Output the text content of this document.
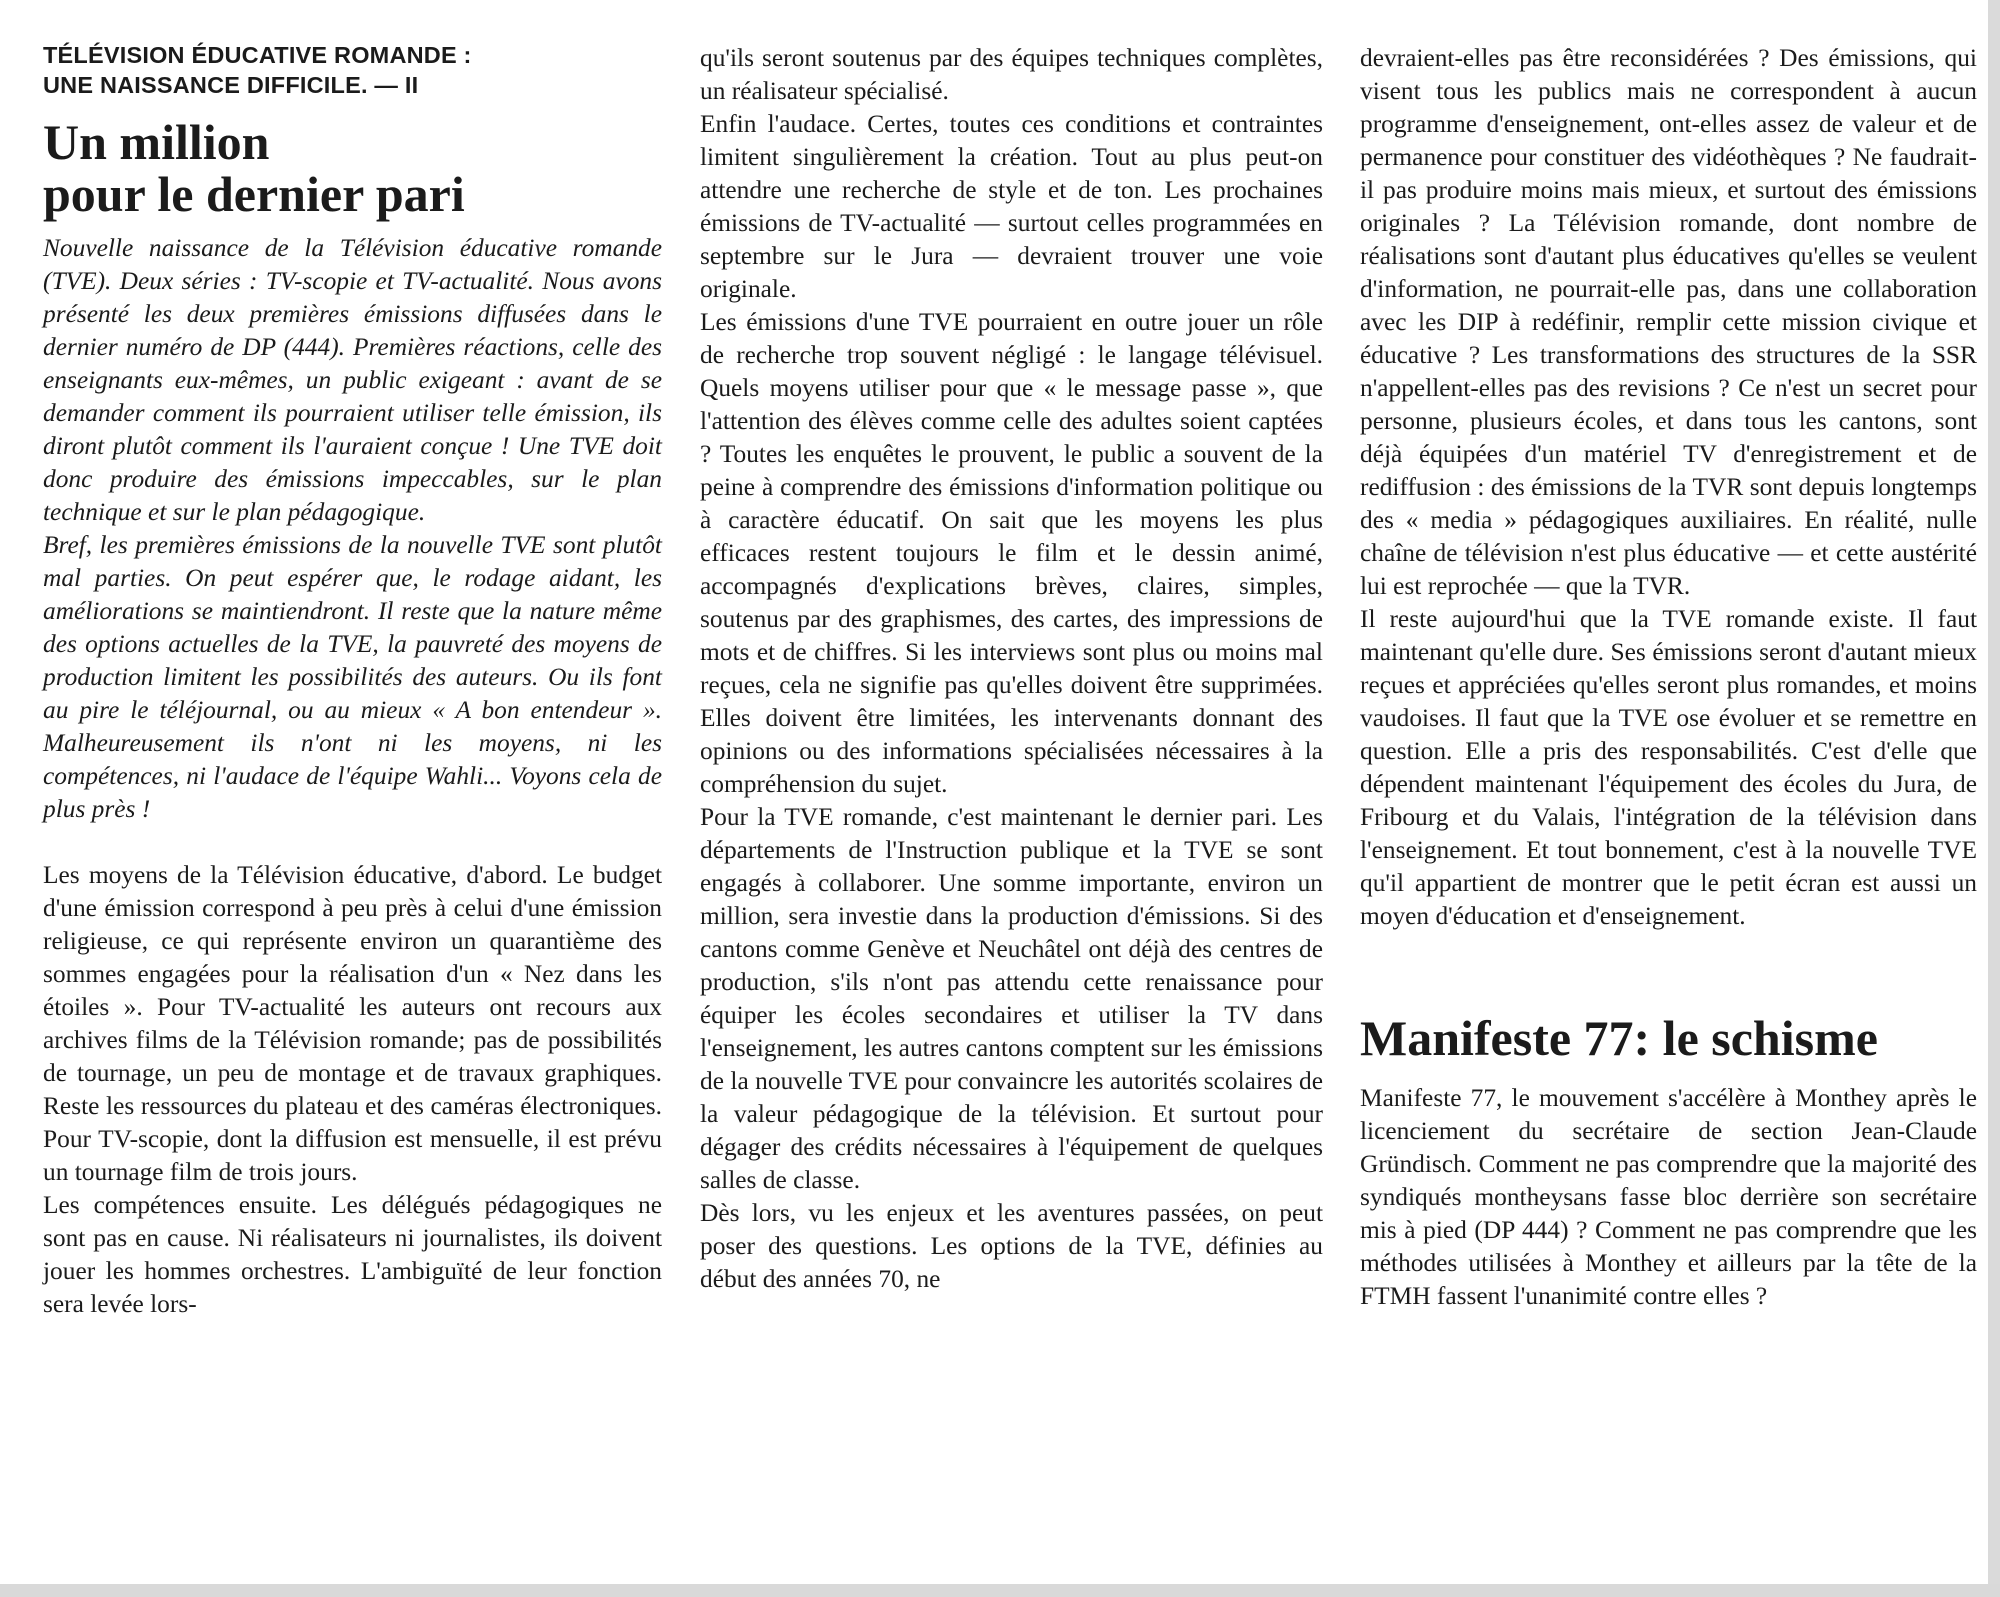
TÉLÉVISION ÉDUCATIVE ROMANDE :
UNE NAISSANCE DIFFICILE. — II
Un million
pour le dernier pari

Nouvelle naissance de la Télévision éducative romande (TVE). Deux séries : TV-scopie et TV-actualité. Nous avons présenté les deux premières émissions diffusées dans le dernier numéro de DP (444). Premières réactions, celle des enseignants eux-mêmes, un public exigeant : avant de se demander comment ils pourraient utiliser telle émission, ils diront plutôt comment ils l'auraient conçue ! Une TVE doit donc produire des émissions impeccables, sur le plan technique et sur le plan pédagogique.

Bref, les premières émissions de la nouvelle TVE sont plutôt mal parties. On peut espérer que, le rodage aidant, les améliorations se maintiendront. Il reste que la nature même des options actuelles de la TVE, la pauvreté des moyens de production limitent les possibilités des auteurs. Ou ils font au pire le téléjournal, ou au mieux « A bon entendeur ». Malheureusement ils n'ont ni les moyens, ni les compétences, ni l'audace de l'équipe Wahli... Voyons cela de plus près !

Les moyens de la Télévision éducative, d'abord. Le budget d'une émission correspond à peu près à celui d'une émission religieuse, ce qui représente environ un quarantième des sommes engagées pour la réalisation d'un « Nez dans les étoiles ». Pour TV-actualité les auteurs ont recours aux archives films de la Télévision romande; pas de possibilités de tournage, un peu de montage et de travaux graphiques. Reste les ressources du plateau et des caméras électroniques. Pour TV-scopie, dont la diffusion est mensuelle, il est prévu un tournage film de trois jours.

Les compétences ensuite. Les délégués pédagogiques ne sont pas en cause. Ni réalisateurs ni journalistes, ils doivent jouer les hommes orchestres. L'ambiguïté de leur fonction sera levée lors-

qu'ils seront soutenus par des équipes techniques complètes, un réalisateur spécialisé.

Enfin l'audace. Certes, toutes ces conditions et contraintes limitent singulièrement la création. Tout au plus peut-on attendre une recherche de style et de ton. Les prochaines émissions de TV-actualité — surtout celles programmées en septembre sur le Jura — devraient trouver une voie originale.

Les émissions d'une TVE pourraient en outre jouer un rôle de recherche trop souvent négligé : le langage télévisuel. Quels moyens utiliser pour que « le message passe », que l'attention des élèves comme celle des adultes soient captées ? Toutes les enquêtes le prouvent, le public a souvent de la peine à comprendre des émissions d'information politique ou à caractère éducatif. On sait que les moyens les plus efficaces restent toujours le film et le dessin animé, accompagnés d'explications brèves, claires, simples, soutenus par des graphismes, des cartes, des impressions de mots et de chiffres. Si les interviews sont plus ou moins mal reçues, cela ne signifie pas qu'elles doivent être supprimées. Elles doivent être limitées, les intervenants donnant des opinions ou des informations spécialisées nécessaires à la compréhension du sujet.

Pour la TVE romande, c'est maintenant le dernier pari. Les départements de l'Instruction publique et la TVE se sont engagés à collaborer. Une somme importante, environ un million, sera investie dans la production d'émissions. Si des cantons comme Genève et Neuchâtel ont déjà des centres de production, s'ils n'ont pas attendu cette renaissance pour équiper les écoles secondaires et utiliser la TV dans l'enseignement, les autres cantons comptent sur les émissions de la nouvelle TVE pour convaincre les autorités scolaires de la valeur pédagogique de la télévision. Et surtout pour dégager des crédits nécessaires à l'équipement de quelques salles de classe.

Dès lors, vu les enjeux et les aventures passées, on peut poser des questions. Les options de la TVE, définies au début des années 70, ne

devraient-elles pas être reconsidérées ? Des émissions, qui visent tous les publics mais ne correspondent à aucun programme d'enseignement, ont-elles assez de valeur et de permanence pour constituer des vidéothèques ? Ne faudrait-il pas produire moins mais mieux, et surtout des émissions originales ? La Télévision romande, dont nombre de réalisations sont d'autant plus éducatives qu'elles se veulent d'information, ne pourrait-elle pas, dans une collaboration avec les DIP à redéfinir, remplir cette mission civique et éducative ? Les transformations des structures de la SSR n'appellent-elles pas des revisions ? Ce n'est un secret pour personne, plusieurs écoles, et dans tous les cantons, sont déjà équipées d'un matériel TV d'enregistrement et de rediffusion : des émissions de la TVR sont depuis longtemps des « media » pédagogiques auxiliaires. En réalité, nulle chaîne de télévision n'est plus éducative — et cette austérité lui est reprochée — que la TVR.

Il reste aujourd'hui que la TVE romande existe. Il faut maintenant qu'elle dure. Ses émissions seront d'autant mieux reçues et appréciées qu'elles seront plus romandes, et moins vaudoises. Il faut que la TVE ose évoluer et se remettre en question. Elle a pris des responsabilités. C'est d'elle que dépendent maintenant l'équipement des écoles du Jura, de Fribourg et du Valais, l'intégration de la télévision dans l'enseignement. Et tout bonnement, c'est à la nouvelle TVE qu'il appartient de montrer que le petit écran est aussi un moyen d'éducation et d'enseignement.

Manifeste 77: le schisme

Manifeste 77, le mouvement s'accélère à Monthey après le licenciement du secrétaire de section Jean-Claude Gründisch. Comment ne pas comprendre que la majorité des syndiqués montheysans fasse bloc derrière son secrétaire mis à pied (DP 444) ? Comment ne pas comprendre que les méthodes utilisées à Monthey et ailleurs par la tête de la FTMH fassent l'unanimité contre elles ?
